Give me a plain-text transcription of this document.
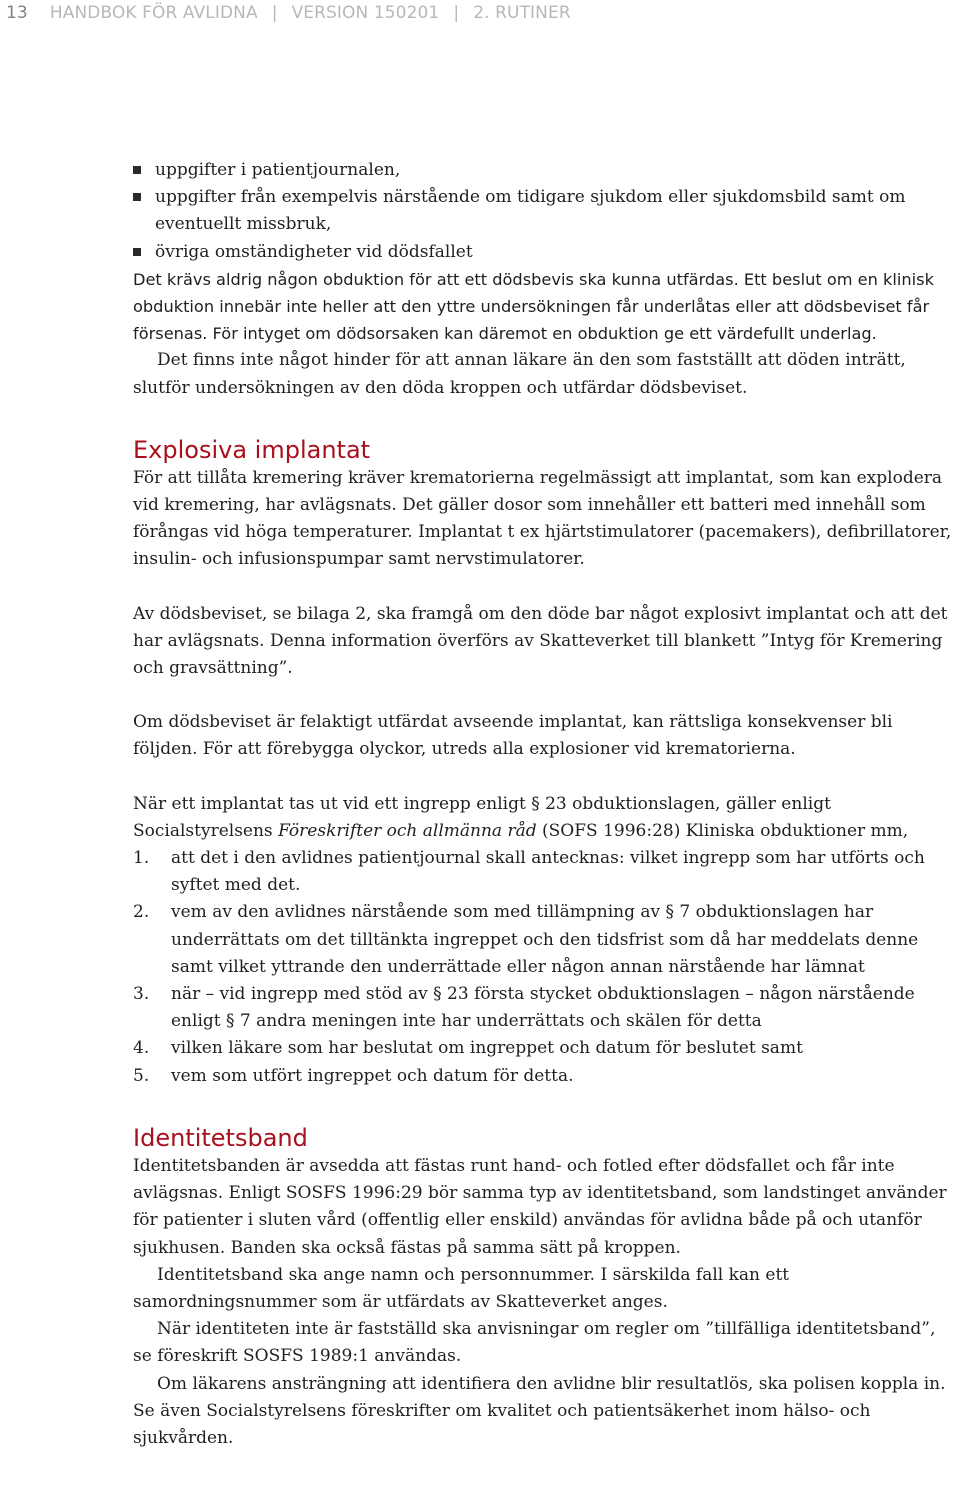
13 HANDBOK FÖR AVLIDNA | VERSION 150201 | 2. RUTINER
uppgifter i patientjournalen,
uppgifter från exempelvis närstående om tidigare sjukdom eller sjukdomsbild samt om eventuellt missbruk,
övriga omständigheter vid dödsfallet

Det krävs aldrig någon obduktion för att ett dödsbevis ska kunna utfärdas. Ett beslut om en klinisk obduktion innebär inte heller att den yttre undersökningen får underlåtas eller att dödsbeviset får försenas. För intyget om dödsorsaken kan däremot en obduktion ge ett värdefullt underlag.

Det finns inte något hinder för att annan läkare än den som fastställt att döden inträtt, slutför undersökningen av den döda kroppen och utfärdar dödsbeviset.

Explosiva implantat

För att tillåta kremering kräver krematorierna regelmässigt att implantat, som kan explodera vid kremering, har avlägsnats. Det gäller dosor som innehåller ett batteri med innehåll som förångas vid höga temperaturer. Implantat t ex hjärtstimulatorer (pacemakers), defibrillatorer, insulin- och infusionspumpar samt nervstimulatorer.

Av dödsbeviset, se bilaga 2, ska framgå om den döde bar något explosivt implantat och att det har avlägsnats. Denna information överförs av Skatteverket till blankett ”Intyg för Kremering och gravsättning”.

Om dödsbeviset är felaktigt utfärdat avseende implantat, kan rättsliga konsekvenser bli följden. För att förebygga olyckor, utreds alla explosioner vid krematorierna.

När ett implantat tas ut vid ett ingrepp enligt § 23 obduktionslagen, gäller enligt Socialstyrelsens Föreskrifter och allmänna råd (SOFS 1996:28) Kliniska obduktioner mm,

1. att det i den avlidnes patientjournal skall antecknas: vilket ingrepp som har utförts och syftet med det.
2. vem av den avlidnes närstående som med tillämpning av § 7 obduktionslagen har underrättats om det tilltänkta ingreppet och den tidsfrist som då har meddelats denne samt vilket yttrande den underrättade eller någon annan närstående har lämnat
3. när – vid ingrepp med stöd av § 23 första stycket obduktionslagen – någon närstående enligt § 7 andra meningen inte har underrättats och skälen för detta
4. vilken läkare som har beslutat om ingreppet och datum för beslutet samt
5. vem som utfört ingreppet och datum för detta.
Identitetsband

Identitetsbanden är avsedda att fästas runt hand- och fotled efter dödsfallet och får inte avlägsnas. Enligt SOSFS 1996:29 bör samma typ av identitetsband, som landstinget använder för patienter i sluten vård (offentlig eller enskild) användas för avlidna både på och utanför sjukhusen. Banden ska också fästas på samma sätt på kroppen.

Identitetsband ska ange namn och personnummer. I särskilda fall kan ett samordningsnummer som är utfärdats av Skatteverket anges.

När identiteten inte är fastställd ska anvisningar om regler om ”tillfälliga identitetsband”, se föreskrift SOSFS 1989:1 användas.

Om läkarens ansträngning att identifiera den avlidne blir resultatlös, ska polisen koppla in. Se även Socialstyrelsens föreskrifter om kvalitet och patientsäkerhet inom hälso- och sjukvården.
